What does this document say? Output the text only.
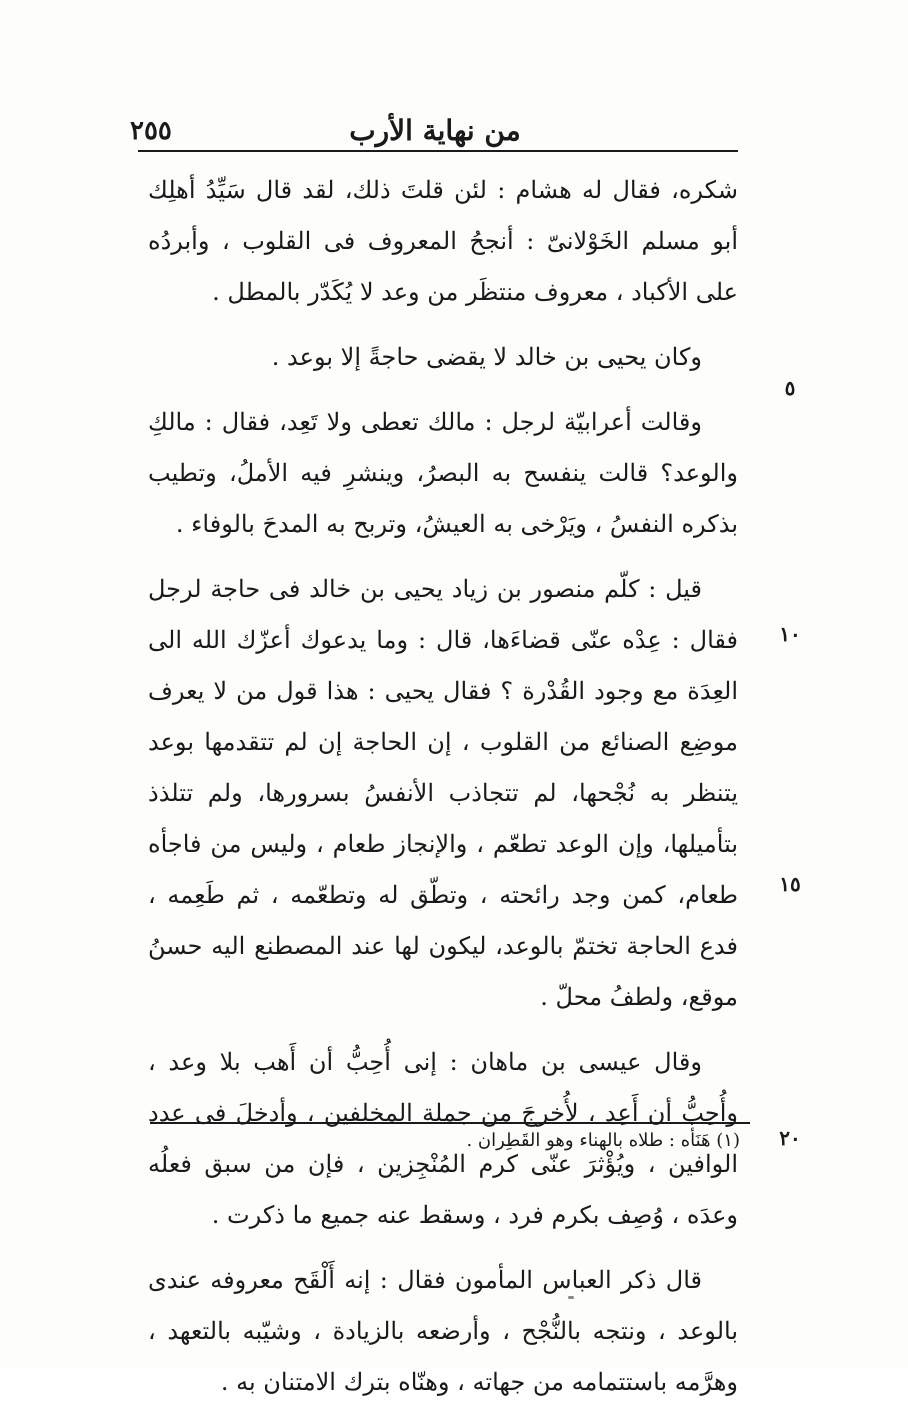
٢٥٥	من نهاية الأرب
٥
١٠
١٥
٢٠

شكره، فقال له هشام : لئن قلتَ ذلك، لقد قال سَيِّدُ أهلِك أبو مسلم الخَوْلانىّ : أنجحُ المعروف فى القلوب ، وأبردُه على الأكباد ، معروف منتظَر من وعد لا يُكَدّر بالمطل .

وكان يحيى بن خالد لا يقضى حاجةً إلا بوعد .

وقالت أعرابيّة لرجل : مالك تعطى ولا تَعِد، فقال : مالكِ والوعد؟ قالت ينفسح به البصرُ، وينشرِ فيه الأملُ، وتطيب بذكره النفسُ ، ويَرْخى به العيشُ، وتربح به المدحَ بالوفاء .

قيل : كلّم منصور بن زياد يحيى بن خالد فى حاجة لرجل فقال : عِدْه عنّى قضاءَها، قال : وما يدعوك أعزّك الله الى العِدَة مع وجود القُدْرة ؟ فقال يحيى : هذا قول من لا يعرف موضِع الصنائع من القلوب ، إن الحاجة إن لم تتقدمها بوعد يتنظر به نُجْحها، لم تتجاذب الأنفسُ بسرورها، ولم تتلذذ بتأميلها، وإن الوعد تطعّم ، والإنجاز طعام ، وليس من فاجأه طعام، كمن وجد رائحته ، وتطّق له وتطعّمه ، ثم طَعِمه ، فدع الحاجة تختمّ بالوعد، ليكون لها عند المصطنع اليه حسنُ موقع، ولطفُ محلّ .

وقال عيسى بن ماهان : إنى أُحِبُّ أن أَهب بلا وعد ، وأُحِبُّ أن أَعِد ، لأُخرجَ من جملة المخلفين ، وأدخلَ فى عدد الوافين ، ويُؤْثرَ عنّى كرم المُنْجِزين ، فإن من سبق فعلُه وعدَه ، وُصِف بكرم فرد ، وسقط عنه جميع ما ذكرت .

قال ذكر العباس المأمون فقال : إنه أَلْقَح معروفه عندى بالوعد ، ونتجه بالنُّجْح ، وأرضعه بالزيادة ، وشيّبه بالتعهد ، وهرَّمه باستتمامه من جهاته ، وهنّاه بترك الامتنان به .

(١) هَنَأه : طلاه بالهناء وهو القَطِران .
